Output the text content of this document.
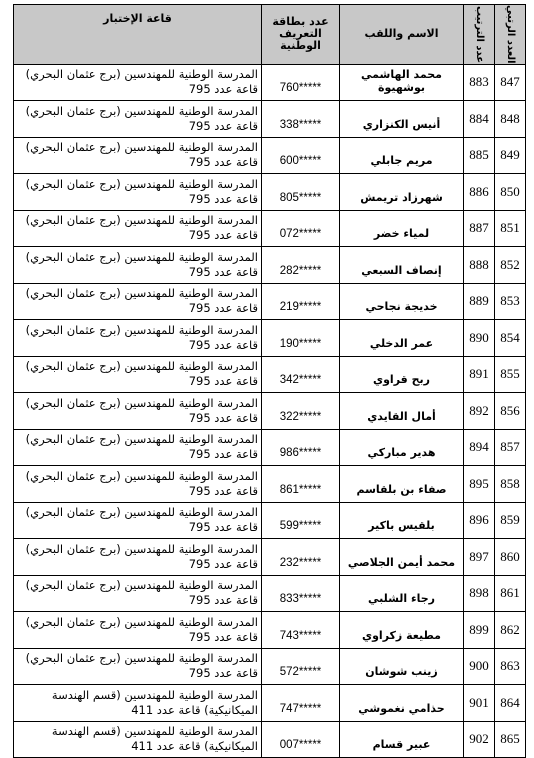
العدد الرتبي	عدد الترتيب	الاسم واللقب	عدد بطاقة التعريف الوطنية	قاعة الإختبار
847	883	محمد الهاشمي بوشهيوة	760*****	المدرسة الوطنية للمهندسين (برج عثمان البحري)
قاعة عدد 795

848	884	أنيس الكنزاري	338*****	المدرسة الوطنية للمهندسين (برج عثمان البحري)
قاعة عدد 795

849	885	مريم جابلي	600*****	المدرسة الوطنية للمهندسين (برج عثمان البحري)
قاعة عدد 795

850	886	شهرزاد تريمش	805*****	المدرسة الوطنية للمهندسين (برج عثمان البحري)
قاعة عدد 795

851	887	لمياء خضر	072*****	المدرسة الوطنية للمهندسين (برج عثمان البحري)
قاعة عدد 795

852	888	إنصاف السبعي	282*****	المدرسة الوطنية للمهندسين (برج عثمان البحري)
قاعة عدد 795

853	889	خديجة نجاحي	219*****	المدرسة الوطنية للمهندسين (برج عثمان البحري)
قاعة عدد 795

854	890	عمر الدخلي	190*****	المدرسة الوطنية للمهندسين (برج عثمان البحري)
قاعة عدد 795

855	891	ربح قراوي	342*****	المدرسة الوطنية للمهندسين (برج عثمان البحري)
قاعة عدد 795

856	892	أمال القايدي	322*****	المدرسة الوطنية للمهندسين (برج عثمان البحري)
قاعة عدد 795

857	894	هدير مباركي	986*****	المدرسة الوطنية للمهندسين (برج عثمان البحري)
قاعة عدد 795

858	895	صفاء بن بلقاسم	861*****	المدرسة الوطنية للمهندسين (برج عثمان البحري)
قاعة عدد 795

859	896	بلقيس باكير	599*****	المدرسة الوطنية للمهندسين (برج عثمان البحري)
قاعة عدد 795

860	897	محمد أيمن الجلاصي	232*****	المدرسة الوطنية للمهندسين (برج عثمان البحري)
قاعة عدد 795

861	898	رجاء الشلبي	833*****	المدرسة الوطنية للمهندسين (برج عثمان البحري)
قاعة عدد 795

862	899	مطيعة زكراوي	743*****	المدرسة الوطنية للمهندسين (برج عثمان البحري)
قاعة عدد 795

863	900	زينب شوشان	572*****	المدرسة الوطنية للمهندسين (برج عثمان البحري)
قاعة عدد 795

864	901	حذامي نغموشي	747*****	المدرسة الوطنية للمهندسين (قسم الهندسة
الميكانيكية) قاعة عدد 411

865	902	عبير قسام	007*****	المدرسة الوطنية للمهندسين (قسم الهندسة
الميكانيكية) قاعة عدد 411
